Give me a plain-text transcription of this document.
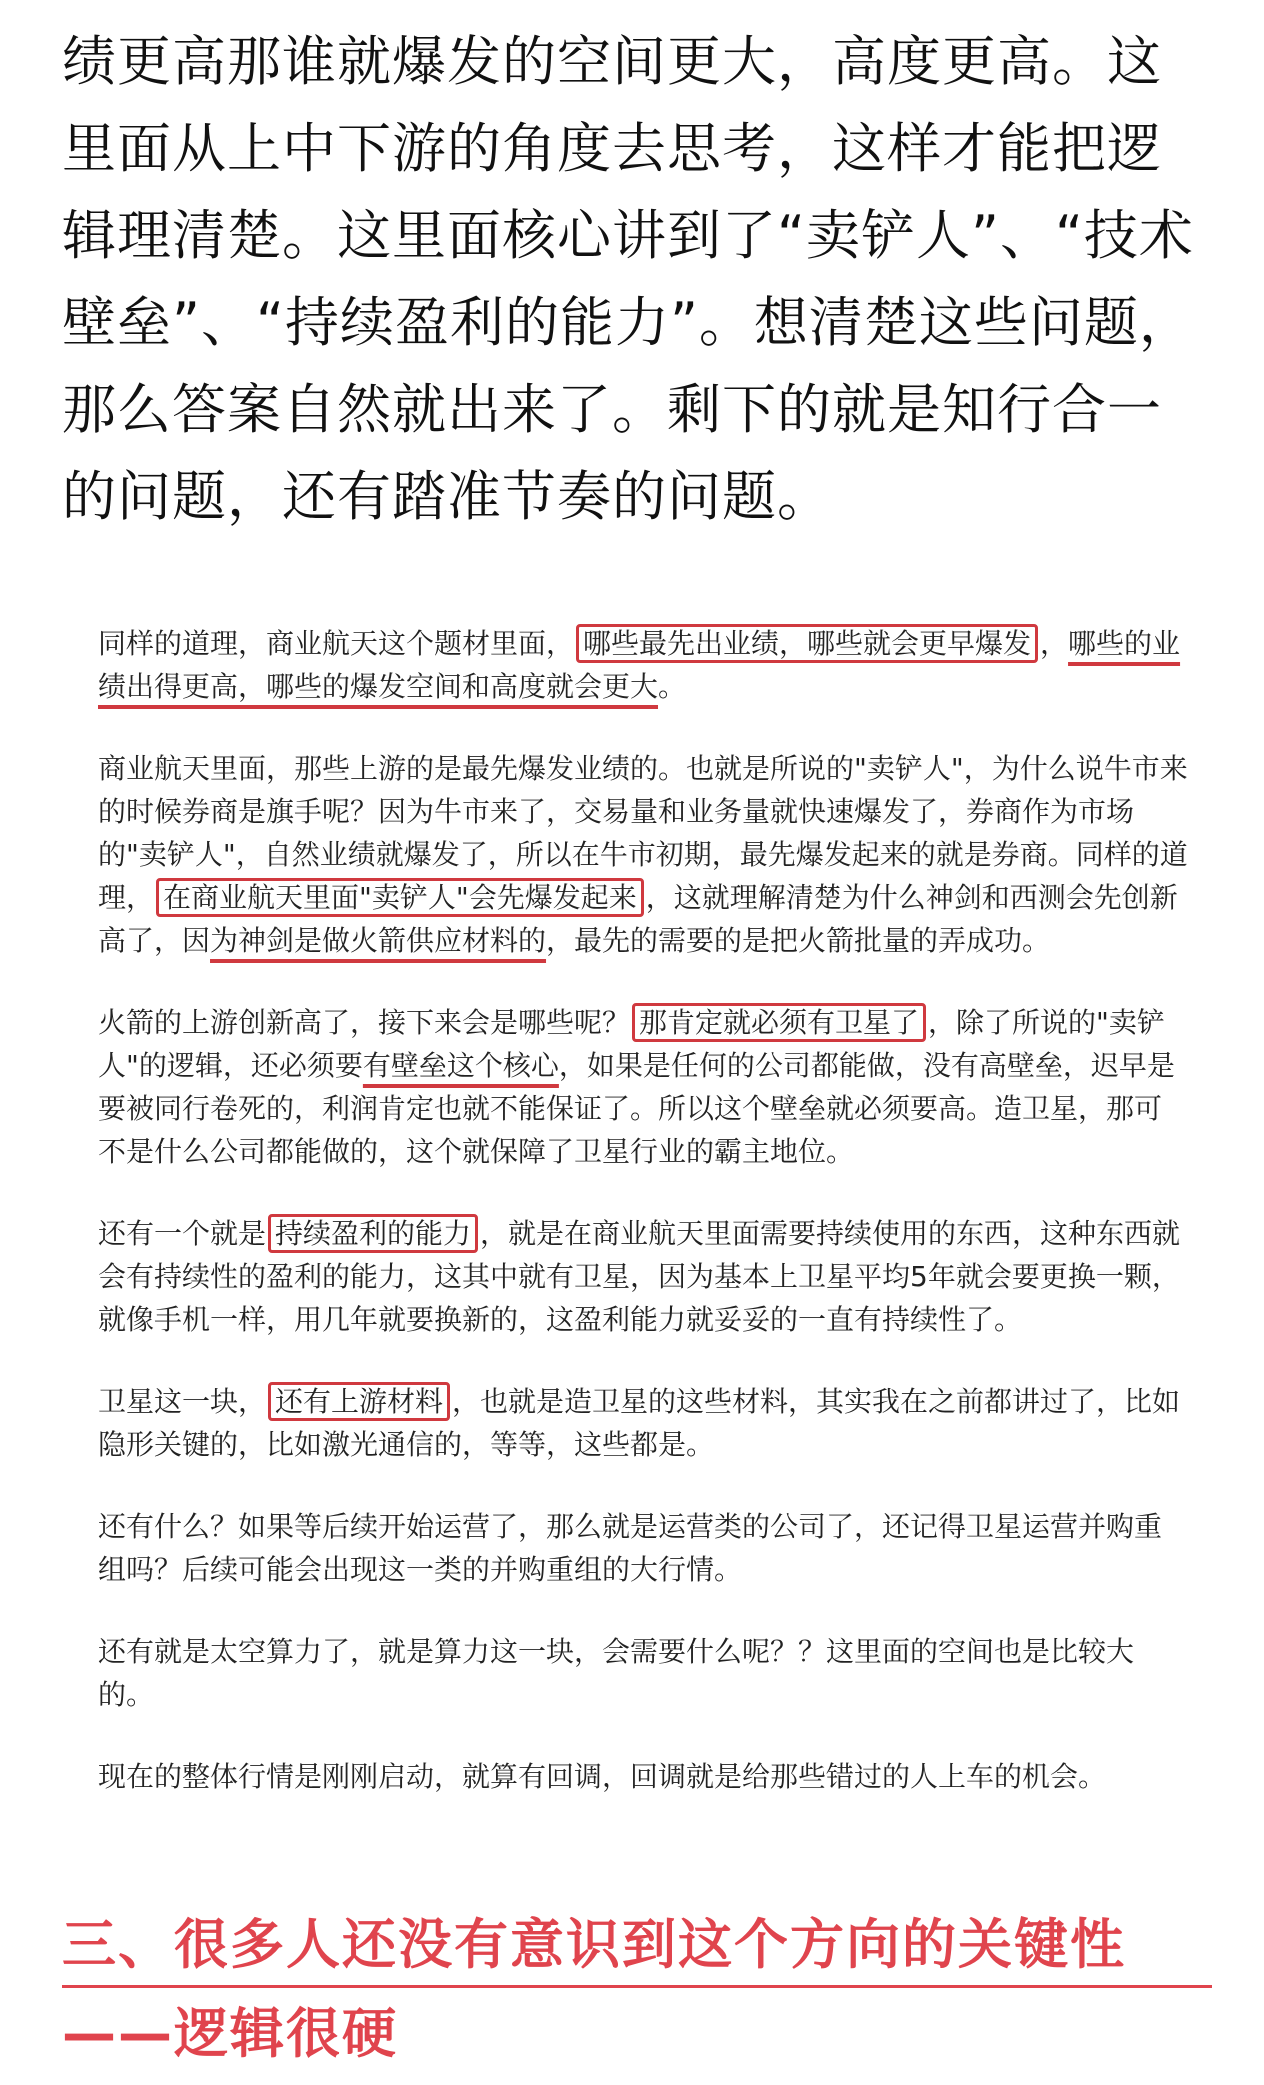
绩更高那谁就爆发的空间更大，高度更高。这里面从上中下游的角度去思考，这样才能把逻辑理清楚。这里面核心讲到了“卖铲人”、“技术壁垒”、“持续盈利的能力”。想清楚这些问题，那么答案自然就出来了。剩下的就是知行合一的问题，还有踏准节奏的问题。

同样的道理，商业航天这个题材里面， 哪些最先出业绩，哪些就会更早爆发 ，哪些的业绩出得更高，哪些的爆发空间和高度就会更大。

商业航天里面，那些上游的是最先爆发业绩的。也就是所说的"卖铲人"，为什么说牛市来的时候券商是旗手呢？因为牛市来了，交易量和业务量就快速爆发了，券商作为市场的"卖铲人"，自然业绩就爆发了，所以在牛市初期，最先爆发起来的就是券商。同样的道理， 在商业航天里面"卖铲人"会先爆发起来 ，这就理解清楚为什么神剑和西测会先创新高了，因为神剑是做火箭供应材料的，最先的需要的是把火箭批量的弄成功。

火箭的上游创新高了，接下来会是哪些呢？ 那肯定就必须有卫星了 ，除了所说的"卖铲人"的逻辑，还必须要有壁垒这个核心，如果是任何的公司都能做，没有高壁垒，迟早是要被同行卷死的，利润肯定也就不能保证了。所以这个壁垒就必须要高。造卫星，那可不是什么公司都能做的，这个就保障了卫星行业的霸主地位。

还有一个就是 持续盈利的能力 ，就是在商业航天里面需要持续使用的东西，这种东西就会有持续性的盈利的能力，这其中就有卫星，因为基本上卫星平均5年就会要更换一颗，就像手机一样，用几年就要换新的，这盈利能力就妥妥的一直有持续性了。

卫星这一块， 还有上游材料 ，也就是造卫星的这些材料，其实我在之前都讲过了，比如隐形关键的，比如激光通信的，等等，这些都是。

还有什么？如果等后续开始运营了，那么就是运营类的公司了，还记得卫星运营并购重组吗？后续可能会出现这一类的并购重组的大行情。

还有就是太空算力了，就是算力这一块，会需要什么呢？？这里面的空间也是比较大的。

现在的整体行情是刚刚启动，就算有回调，回调就是给那些错过的人上车的机会。

三、很多人还没有意识到这个方向的关键性
——逻辑很硬
